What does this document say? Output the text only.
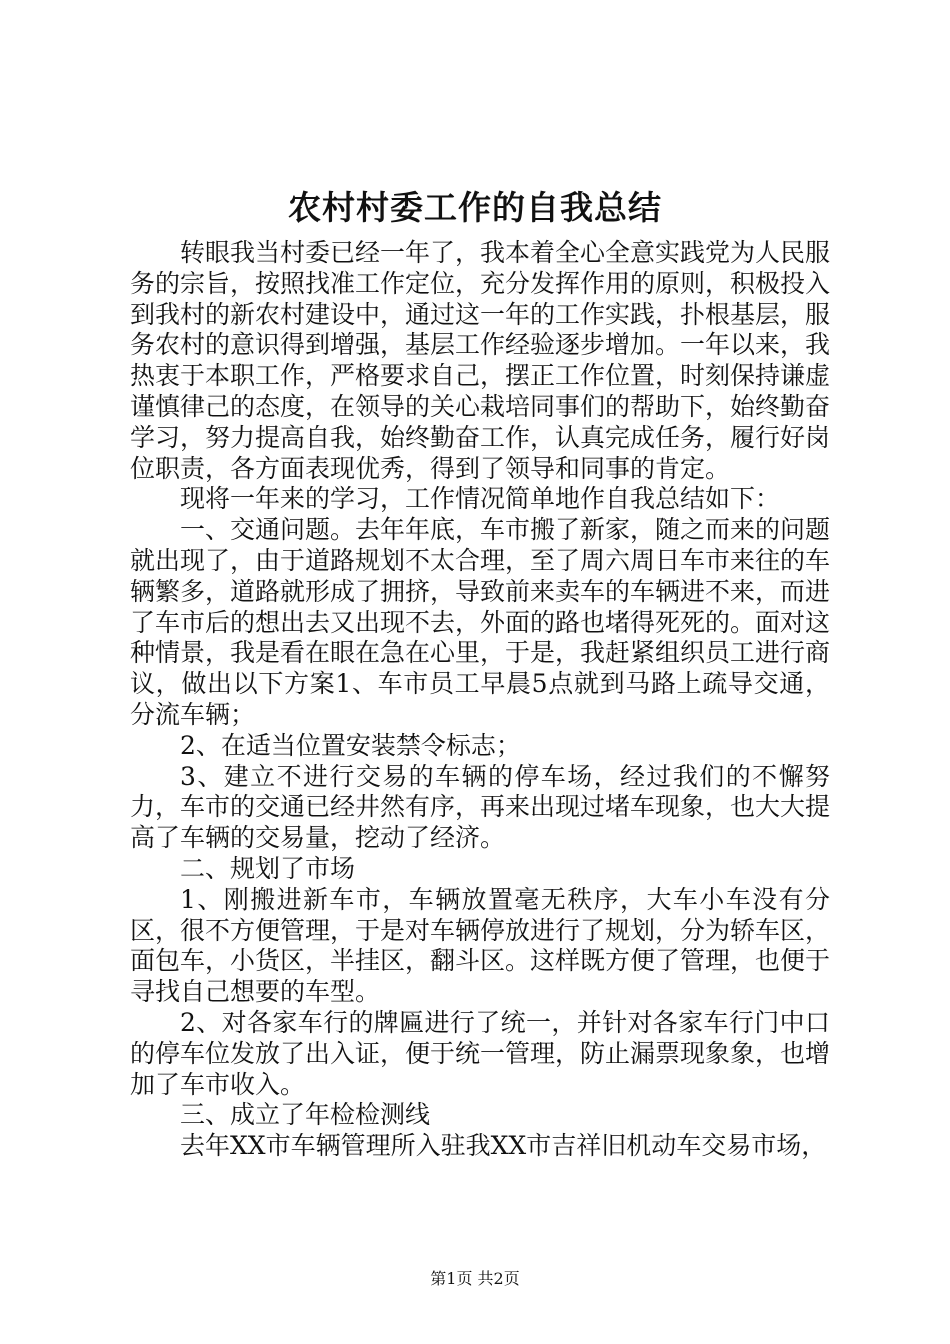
农村村委工作的自我总结

转眼我当村委已经一年了，我本着全心全意实践党为人民服务的宗旨，按照找准工作定位，充分发挥作用的原则，积极投入到我村的新农村建设中，通过这一年的工作实践，扑根基层，服务农村的意识得到增强，基层工作经验逐步增加。一年以来，我热衷于本职工作，严格要求自己，摆正工作位置，时刻保持谦虚谨慎律己的态度，在领导的关心栽培同事们的帮助下，始终勤奋学习，努力提高自我，始终勤奋工作，认真完成任务，履行好岗位职责，各方面表现优秀，得到了领导和同事的肯定。

现将一年来的学习，工作情况简单地作自我总结如下：

一、交通问题。去年年底，车市搬了新家，随之而来的问题就出现了，由于道路规划不太合理，至了周六周日车市来往的车辆繁多，道路就形成了拥挤，导致前来卖车的车辆进不来，而进了车市后的想出去又出现不去，外面的路也堵得死死的。面对这种情景，我是看在眼在急在心里，于是，我赶紧组织员工进行商议，做出以下方案1、车市员工早晨5点就到马路上疏导交通，分流车辆；

2、在适当位置安装禁令标志；

3、建立不进行交易的车辆的停车场，经过我们的不懈努力，车市的交通已经井然有序，再来出现过堵车现象，也大大提高了车辆的交易量，挖动了经济。

二、规划了市场

1、刚搬进新车市，车辆放置毫无秩序，大车小车没有分区，很不方便管理，于是对车辆停放进行了规划，分为轿车区，面包车，小货区，半挂区，翻斗区。这样既方便了管理，也便于寻找自己想要的车型。

2、对各家车行的牌匾进行了统一，并针对各家车行门中口的停车位发放了出入证，便于统一管理，防止漏票现象象，也增加了车市收入。

三、成立了年检检测线

去年XX市车辆管理所入驻我XX市吉祥旧机动车交易市场，

第1页 共2页
